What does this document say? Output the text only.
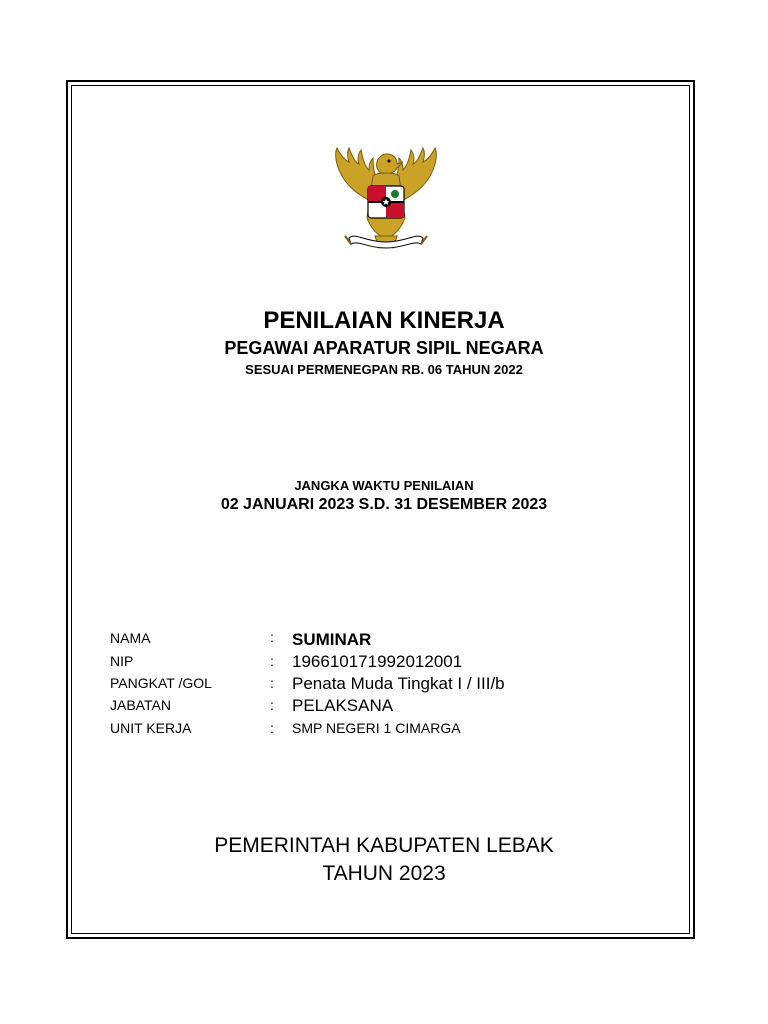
PENILAIAN KINERJA
PEGAWAI APARATUR SIPIL NEGARA
SESUAI PERMENEGPAN RB. 06 TAHUN 2022
JANGKA WAKTU PENILAIAN
02 JANUARI 2023 S.D. 31 DESEMBER 2023
NAMA	: SUMINAR
NIP	: 196610171992012001
PANGKAT /GOL	: Penata Muda Tingkat I / III/b
JABATAN	: PELAKSANA
UNIT KERJA	: SMP NEGERI 1 CIMARGA
PEMERINTAH KABUPATEN LEBAK
TAHUN 2023
